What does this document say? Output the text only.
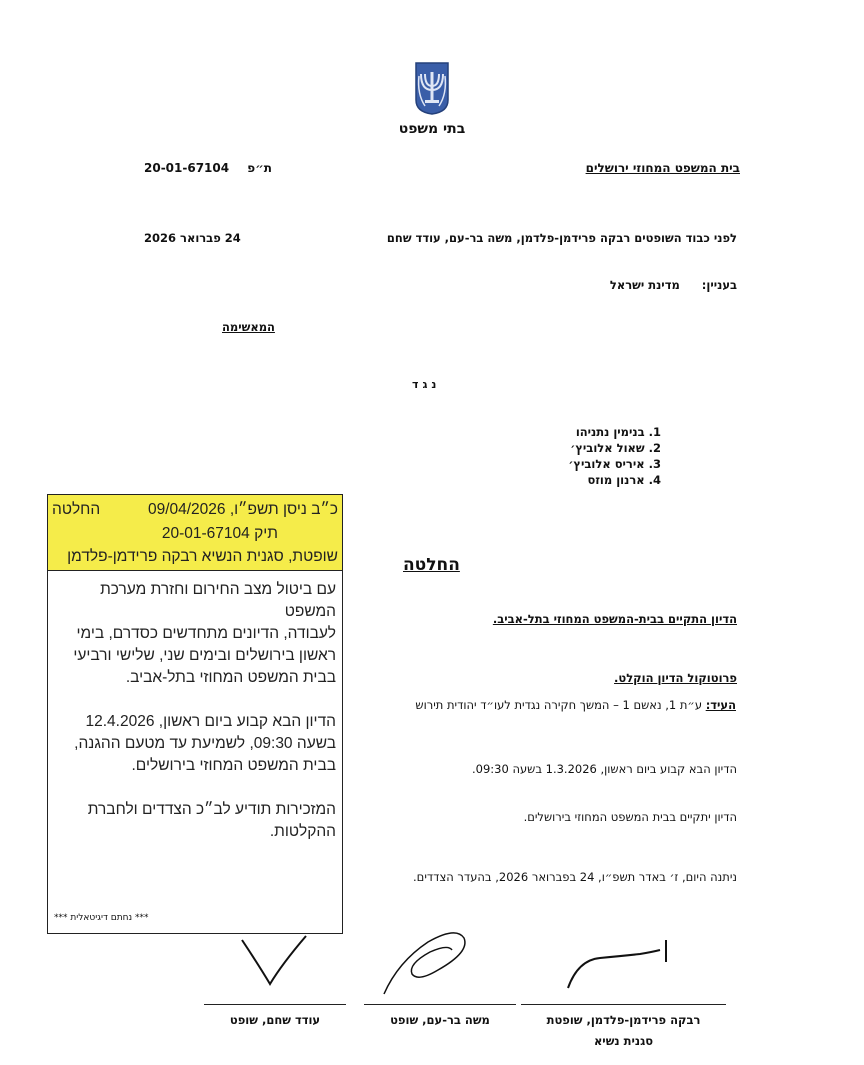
בתי משפט
בית המשפט המחוזי ירושלים
ת״פ 20-01-67104
לפני כבוד השופטים רבקה פרידמן-פלדמן, משה בר-עם, עודד שחם
24 פברואר 2026
בעניין: מדינת ישראל
המאשימה
נגד
1. בנימין נתניהו
2. שאול אלוביץ׳
3. איריס אלוביץ׳
4. ארנון מוזס
החלטה
הדיון התקיים בבית-המשפט המחוזי בתל-אביב.
פרוטוקול הדיון הוקלט.
העיד: ע״ת 1, נאשם 1 – המשך חקירה נגדית לעו״ד יהודית תירוש
הדיון הבא קבוע ביום ראשון, 1.3.2026 בשעה 09:30.
הדיון יתקיים בבית המשפט המחוזי בירושלים.
ניתנה היום, ז׳ באדר תשפ״ו, 24 בפברואר 2026, בהעדר הצדדים.
רבקה פרידמן-פלדמן, שופטת
סגנית נשיא
משה בר-עם, שופט
עודד שחם, שופט
כ״ב ניסן תשפ״ו, 09/04/2026
החלטה
תיק 20-01-67104
שופטת, סגנית הנשיא רבקה פרידמן-פלדמן

עם ביטול מצב החירום וחזרת מערכת המשפט
לעבודה, הדיונים מתחדשים כסדרם, בימי
ראשון בירושלים ובימים שני, שלישי ורביעי
בבית המשפט המחוזי בתל-אביב.

הדיון הבא קבוע ביום ראשון, 12.4.2026
בשעה 09:30, לשמיעת עד מטעם ההגנה,
בבית המשפט המחוזי בירושלים.

המזכירות תודיע לב״כ הצדדים ולחברת
ההקלטות.

*** נחתם דיגיטאלית ***
